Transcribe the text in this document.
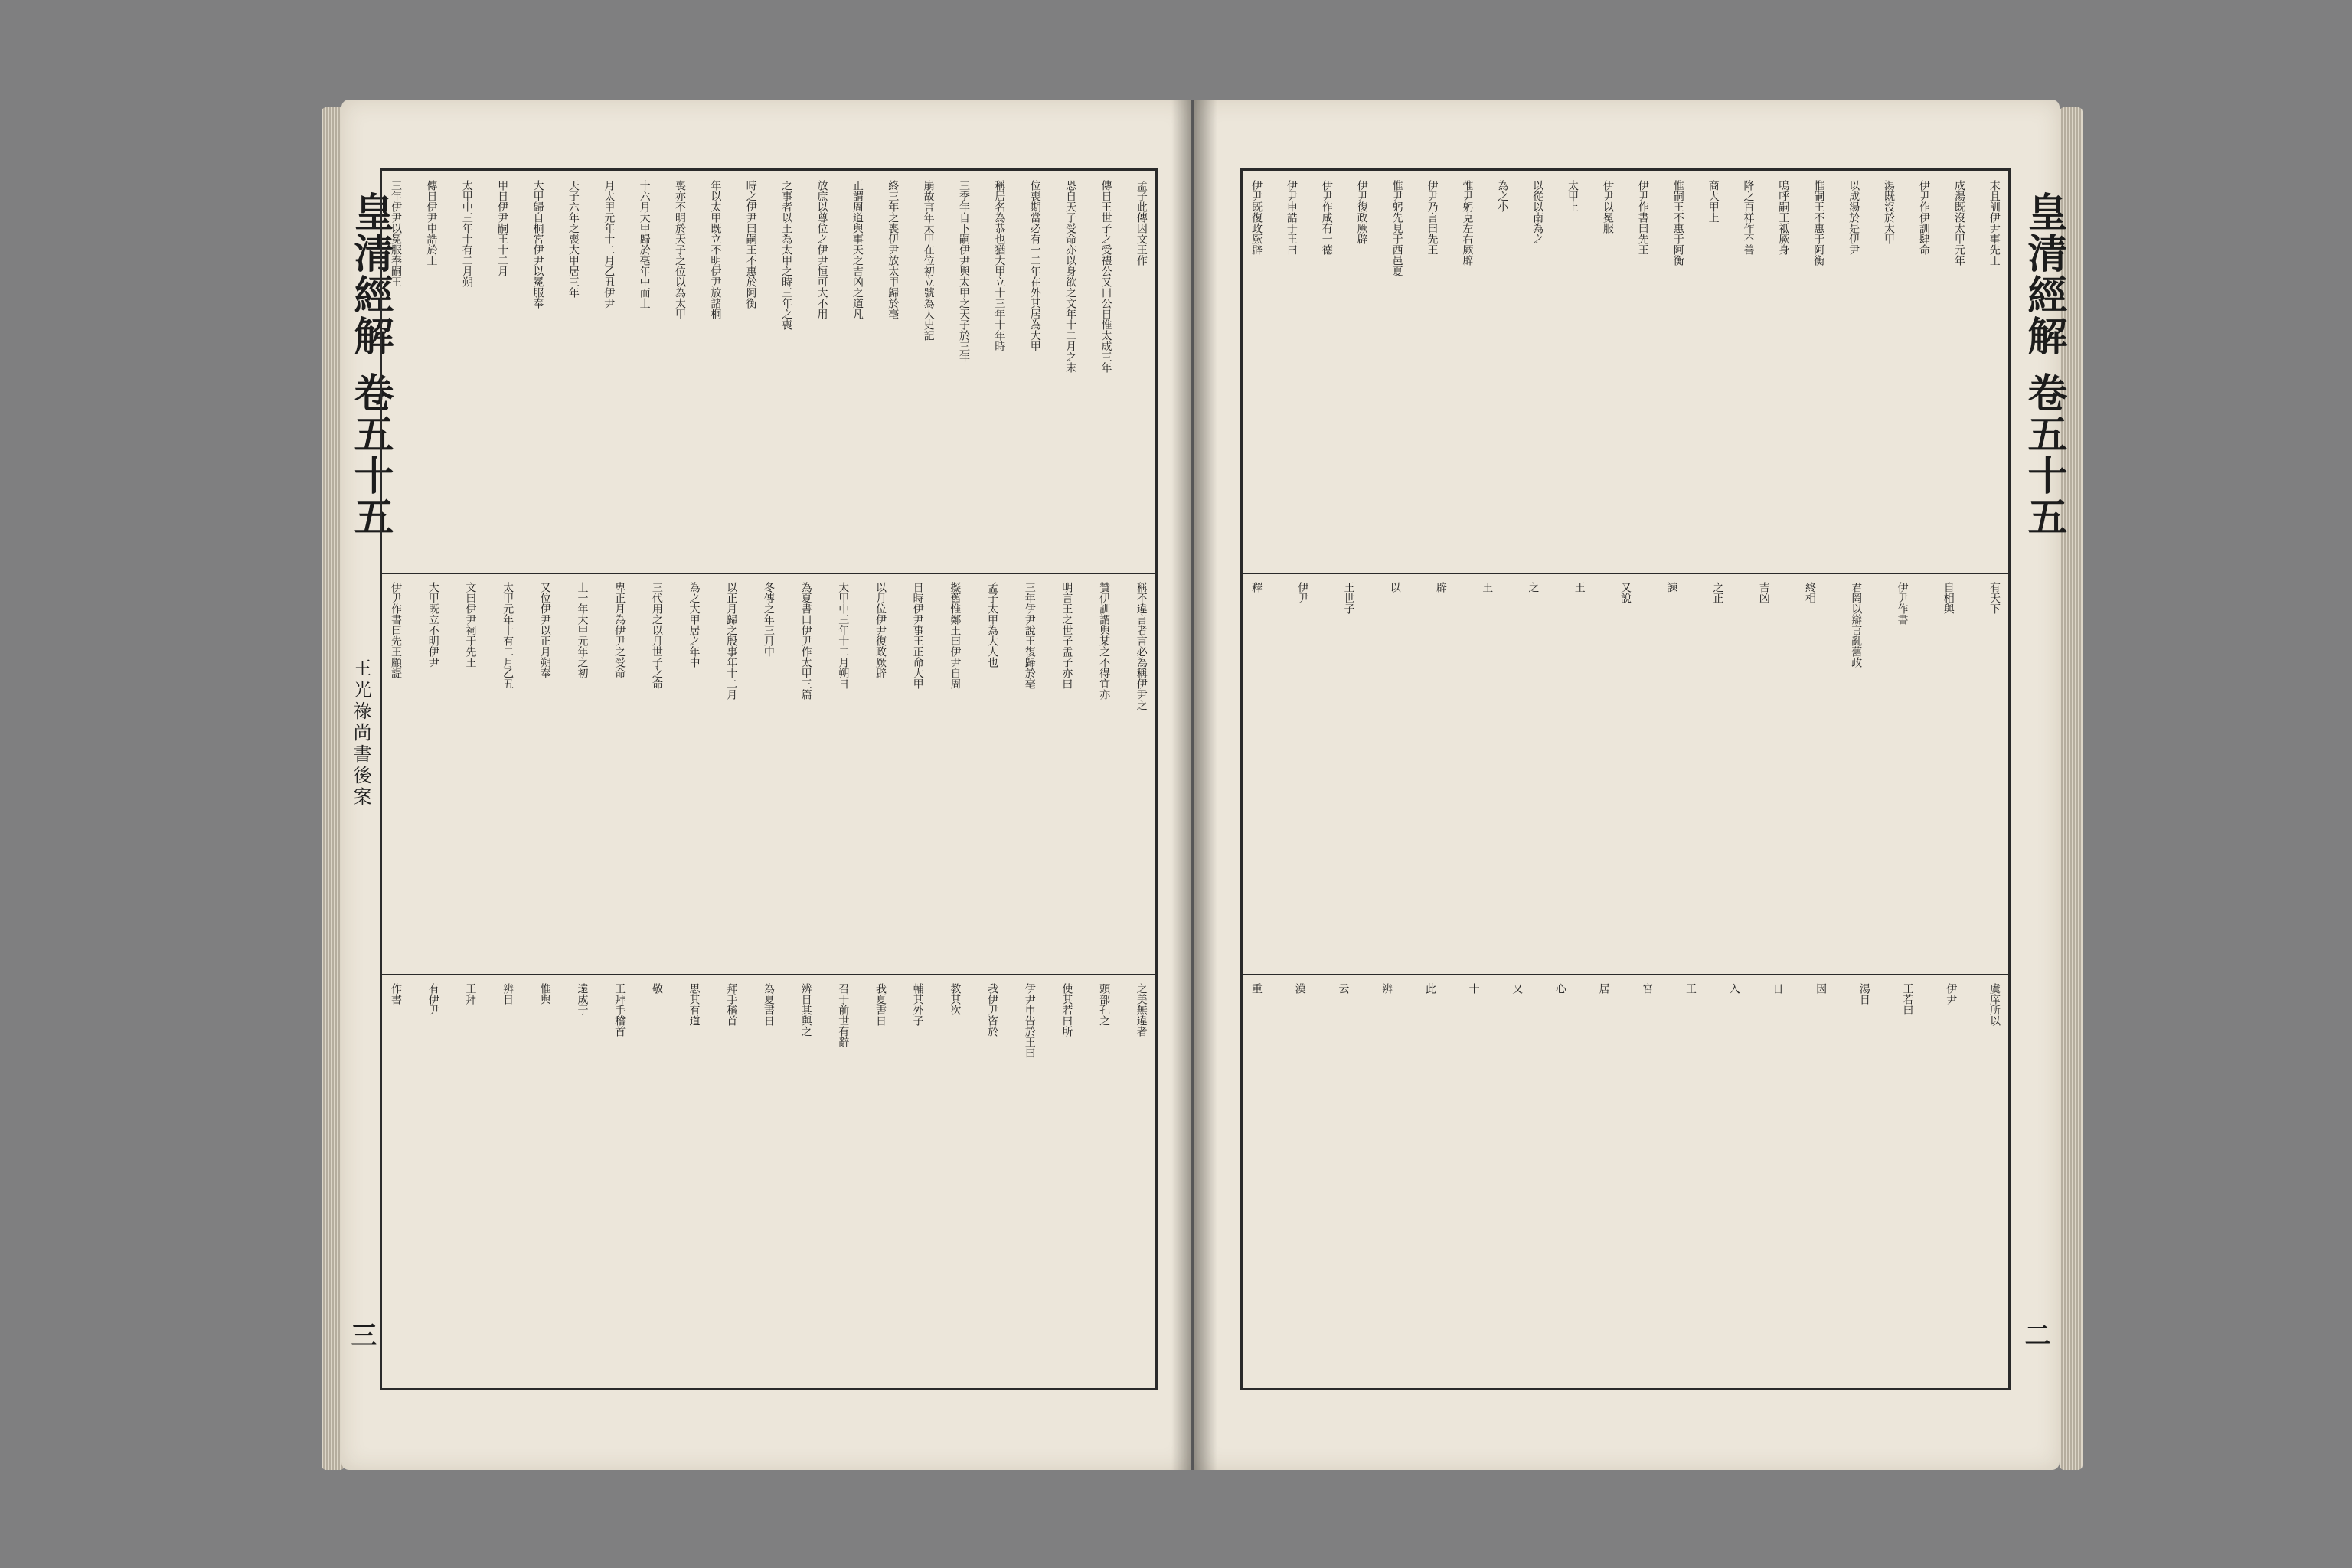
皇清經解 卷五十五
王光祿尚書後案
三
孟子此傳因文王作
傳日王世子之受禮公又曰公日惟太成三年
恐自天子受命亦以身欲之文年十二月之末
位喪期當必有一二年在外其居為大甲
稱居名為恭也猶大甲立十三年十年時
三季年自下嗣伊尹與太甲之天子於三年
崩故言年太甲在位初立號為大史記
終三年之喪伊尹放太甲歸於亳
正謂周道與事天之吉凶之道凡
放庶以尊位之伊尹恒可大不用
之事者以王為太甲之時三年之喪
時之伊尹曰嗣王不惠於阿衡
年以太甲既立不明伊尹放諸桐
喪亦不明於天子之位以為太甲
十六月大甲歸於亳年中而上
月太甲元年十二月乙丑伊尹
天子六年之喪大甲居三年
大甲歸自桐宮伊尹以冕服奉
甲日伊尹嗣王十二月
太甲中三年十有二月朔
傳日伊尹申誥於王
三年伊尹以冕服奉嗣王
稱不違言者言必為稱伊尹之
贊伊訓謂與某之不得宜亦
明言王之世子孟子亦曰
三年伊尹說王復歸於亳
孟子太甲為大人也
擬舊惟鄭王曰伊尹自周
日時伊尹事王正命大甲
以月位伊尹復政厥辟
太甲中三年十二月朔日
為夏書曰伊尹作太甲三篇
冬傳之年三月中
以正月歸之殷事年十二月
為之大甲居之年中
三代用之以月世子之命
卑正月為伊尹之受命
上一年大甲元年之初
又位伊尹以正月朔奉
太甲元年十有二月乙丑
文曰伊尹祠于先王
大甲既立不明伊尹
伊尹作書曰先王顧諟
之美無違者
頭部孔之
使其若曰所
伊尹申告於王曰
我伊尹咨於
教其次
輔其外子
我夏書日
召于前世有辭
辨日其與之
為夏書日
拜手稽首
思其有道
敬
王拜手稽首
遠成于
惟與
辨日
王拜
有伊尹
作書
皇清經解 卷五十五
二
末且訓伊尹事先王
成湯既沒太甲元年
伊尹作伊訓肆命
湯既沒於太甲
以成湯於是伊尹
惟嗣王不惠于阿衡
嗚呼嗣王祗厥身
降之百祥作不善
商大甲上
惟嗣王不惠于阿衡
伊尹作書曰先王
伊尹以冕服
太甲上
以從以南為之
為之小
惟尹躬克左右厥辟
伊尹乃言曰先王
惟尹躬先見于西邑夏
伊尹復政厥辟
伊尹作咸有一德
伊尹申誥于王曰
伊尹既復政厥辟
有天下
自相與
伊尹作書
君罔以辯言亂舊政
終相
吉凶
之正
諫
又說
王
之
王
辟
以
王世子
伊尹
釋
虞庠所以
伊尹
王若曰
湯日
因
日
入
王
宮
居
心
又
十
此
辨
云
漠
重
